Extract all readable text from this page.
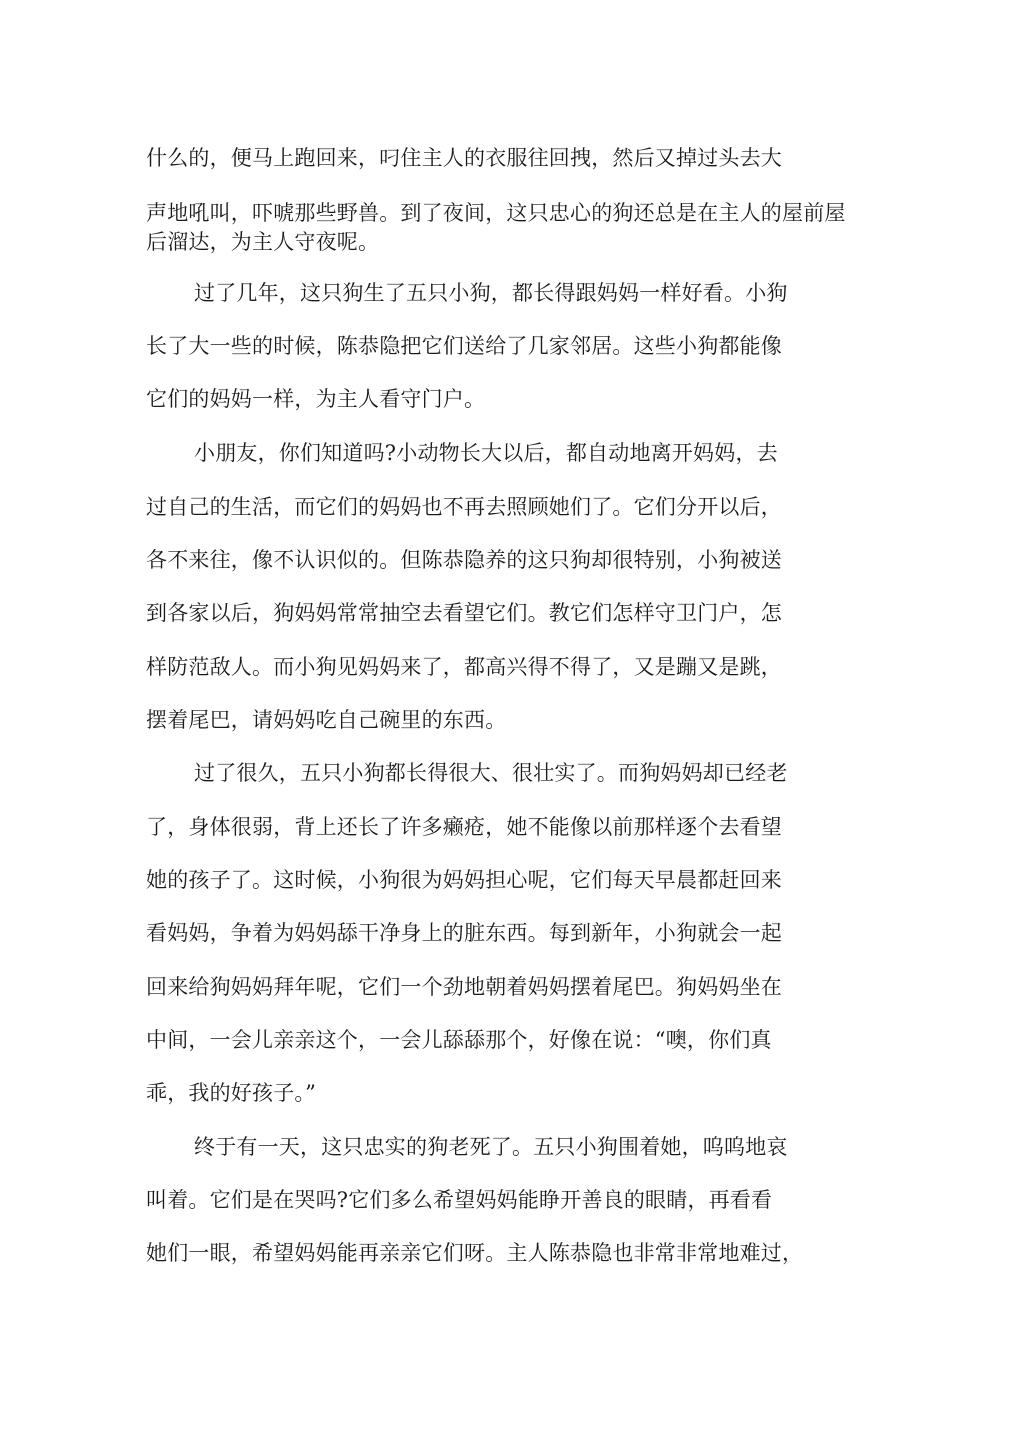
什么的，便马上跑回来，叼住主人的衣服往回拽，然后又掉过头去大
声地吼叫，吓唬那些野兽。到了夜间，这只忠心的狗还总是在主人的屋前屋
后溜达，为主人守夜呢。
过了几年，这只狗生了五只小狗，都长得跟妈妈一样好看。小狗
长了大一些的时候，陈恭隐把它们送给了几家邻居。这些小狗都能像
它们的妈妈一样，为主人看守门户。
小朋友，你们知道吗?小动物长大以后，都自动地离开妈妈，去
过自己的生活，而它们的妈妈也不再去照顾她们了。它们分开以后，
各不来往，像不认识似的。但陈恭隐养的这只狗却很特别，小狗被送
到各家以后，狗妈妈常常抽空去看望它们。教它们怎样守卫门户，怎
样防范敌人。而小狗见妈妈来了，都高兴得不得了，又是蹦又是跳，
摆着尾巴，请妈妈吃自己碗里的东西。
过了很久，五只小狗都长得很大、很壮实了。而狗妈妈却已经老
了，身体很弱，背上还长了许多癞疮，她不能像以前那样逐个去看望
她的孩子了。这时候，小狗很为妈妈担心呢，它们每天早晨都赶回来
看妈妈，争着为妈妈舔干净身上的脏东西。每到新年，小狗就会一起
回来给狗妈妈拜年呢，它们一个劲地朝着妈妈摆着尾巴。狗妈妈坐在
中间，一会儿亲亲这个，一会儿舔舔那个，好像在说：“噢，你们真
乖，我的好孩子。”
终于有一天，这只忠实的狗老死了。五只小狗围着她，呜呜地哀
叫着。它们是在哭吗?它们多么希望妈妈能睁开善良的眼睛，再看看
她们一眼，希望妈妈能再亲亲它们呀。主人陈恭隐也非常非常地难过，
